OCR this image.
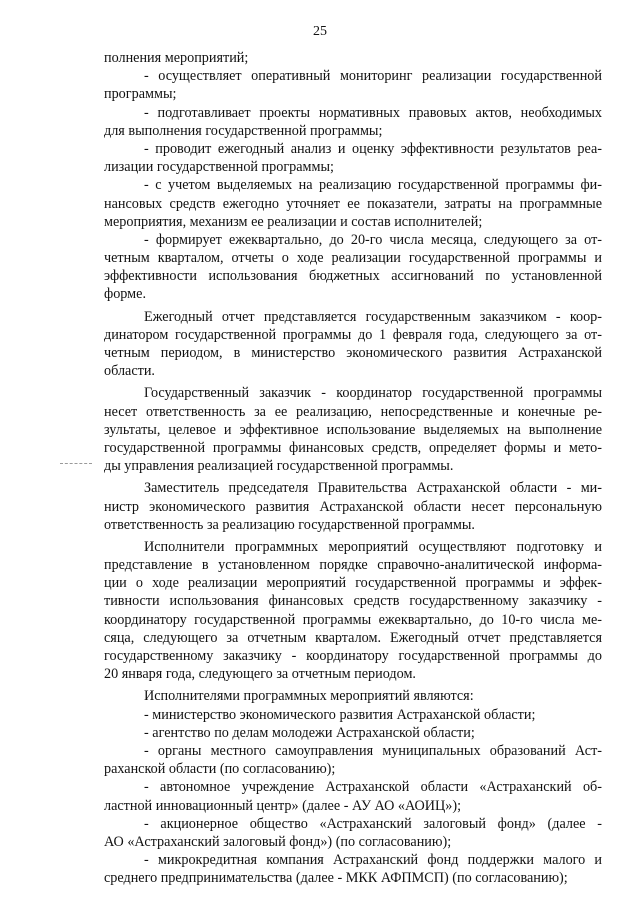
25
полнения мероприятий;
- осуществляет оперативный мониторинг реализации государственной
программы;
- подготавливает проекты нормативных правовых актов, необходимых
для выполнения государственной программы;
- проводит ежегодный анализ и оценку эффективности результатов реа-
лизации государственной программы;
- с учетом выделяемых на реализацию государственной программы фи-
нансовых средств ежегодно уточняет ее показатели, затраты на программные
мероприятия, механизм ее реализации и состав исполнителей;
- формирует ежеквартально, до 20-го числа месяца, следующего за от-
четным кварталом, отчеты о ходе реализации государственной программы и
эффективности использования бюджетных ассигнований по установленной
форме.
Ежегодный отчет представляется государственным заказчиком - коор-
динатором государственной программы до 1 февраля года, следующего за от-
четным периодом, в министерство экономического развития Астраханской
области.
Государственный заказчик - координатор государственной программы
несет ответственность за ее реализацию, непосредственные и конечные ре-
зультаты, целевое и эффективное использование выделяемых на выполнение
государственной программы финансовых средств, определяет формы и мето-
ды управления реализацией государственной программы.
Заместитель председателя Правительства Астраханской области - ми-
нистр экономического развития Астраханской области несет персональную
ответственность за реализацию государственной программы.
Исполнители программных мероприятий осуществляют подготовку и
представление в установленном порядке справочно-аналитической информа-
ции о ходе реализации мероприятий государственной программы и эффек-
тивности использования финансовых средств государственному заказчику -
координатору государственной программы ежеквартально, до 10-го числа ме-
сяца, следующего за отчетным кварталом. Ежегодный отчет представляется
государственному заказчику - координатору государственной программы до
20 января года, следующего за отчетным периодом.
Исполнителями программных мероприятий являются:
- министерство экономического развития Астраханской области;
- агентство по делам молодежи Астраханской области;
- органы местного самоуправления муниципальных образований Аст-
раханской области (по согласованию);
- автономное учреждение Астраханской области «Астраханский об-
ластной инновационный центр» (далее - АУ АО «АОИЦ»);
- акционерное общество «Астраханский залоговый фонд» (далее -
АО «Астраханский залоговый фонд») (по согласованию);
- микрокредитная компания Астраханский фонд поддержки малого и
среднего предпринимательства (далее - МКК АФПМСП) (по согласованию);
